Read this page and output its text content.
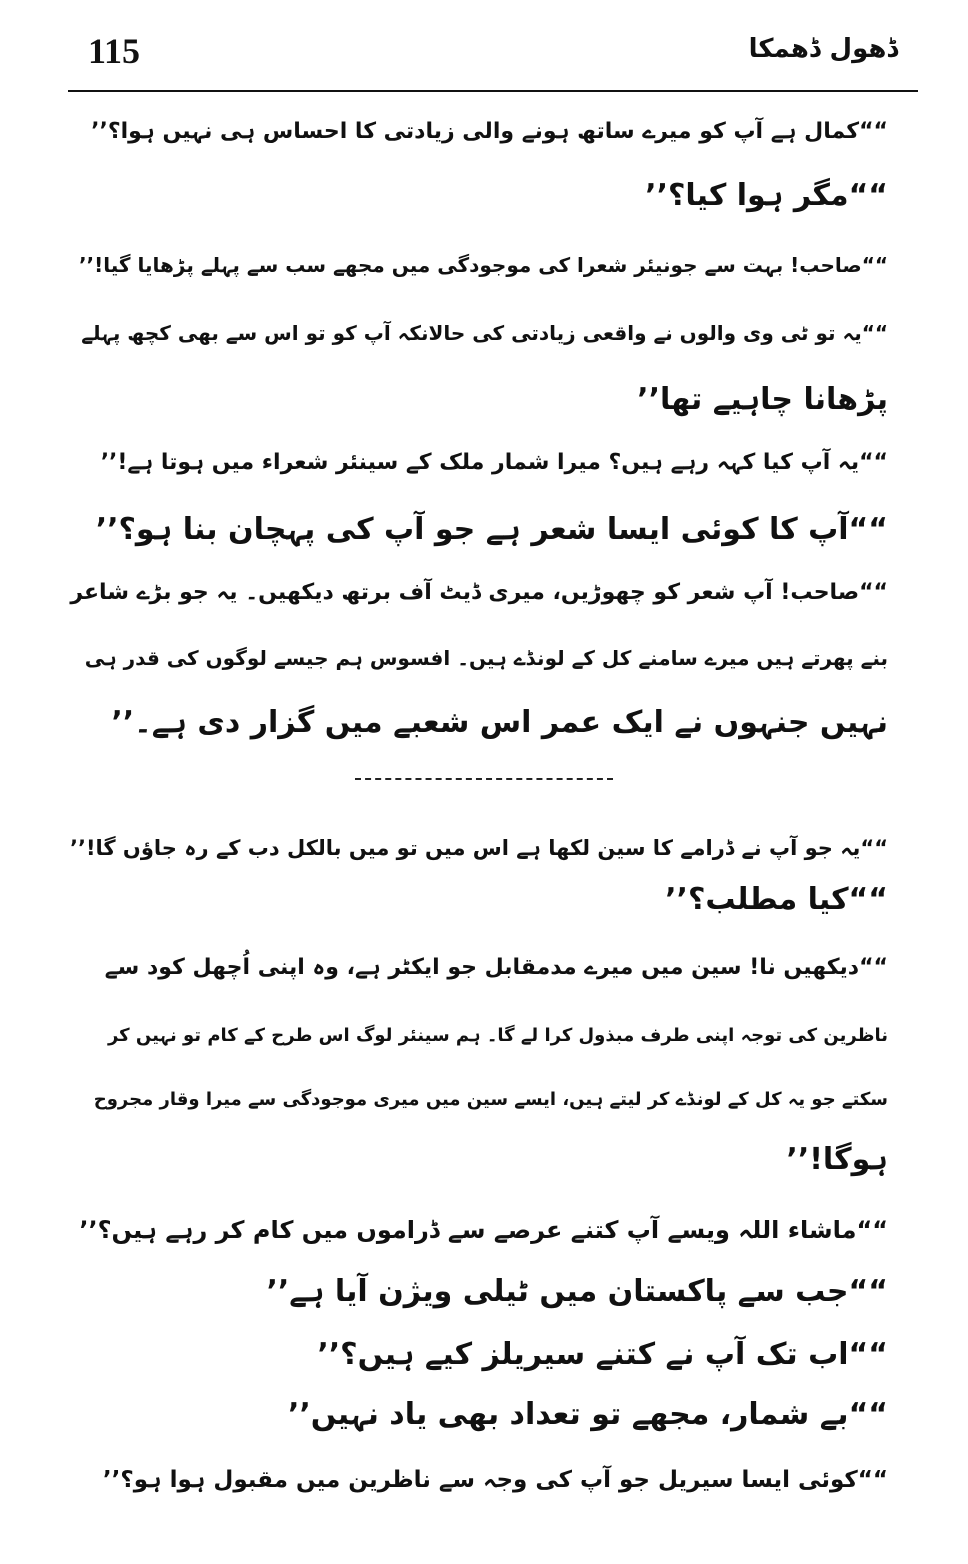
115	ڈھول ڈھمکا
““کمال ہے آپ کو میرے ساتھ ہونے والی زیادتی کا احساس ہی نہیں ہوا؟’’
““مگر ہوا کیا؟’’
““صاحب! بہت سے جونیئر شعرا کی موجودگی میں مجھے سب سے پہلے پڑھایا گیا!’’
““یہ تو ٹی وی والوں نے واقعی زیادتی کی حالانکہ آپ کو تو اس سے بھی کچھ پہلے
پڑھانا چاہیے تھا’’
““یہ آپ کیا کہہ رہے ہیں؟ میرا شمار ملک کے سینئر شعراء میں ہوتا ہے!’’
““آپ کا کوئی ایسا شعر ہے جو آپ کی پہچان بنا ہو؟’’
““صاحب! آپ شعر کو چھوڑیں، میری ڈیٹ آف برتھ دیکھیں۔ یہ جو بڑے شاعر
بنے پھرتے ہیں میرے سامنے کل کے لونڈے ہیں۔ افسوس ہم جیسے لوگوں کی قدر ہی
نہیں جنہوں نے ایک عمر اس شعبے میں گزار دی ہے۔’’
““یہ جو آپ نے ڈرامے کا سین لکھا ہے اس میں تو میں بالکل دب کے رہ جاؤں گا!’’
““کیا مطلب؟’’
““دیکھیں نا! سین میں میرے مدمقابل جو ایکٹر ہے، وہ اپنی اُچھل کود سے
ناظرین کی توجہ اپنی طرف مبذول کرا لے گا۔ ہم سینئر لوگ اس طرح کے کام تو نہیں کر
سکتے جو یہ کل کے لونڈے کر لیتے ہیں، ایسے سین میں میری موجودگی سے میرا وقار مجروح
ہوگا!’’
““ماشاء اللہ ویسے آپ کتنے عرصے سے ڈراموں میں کام کر رہے ہیں؟’’
““جب سے پاکستان میں ٹیلی ویژن آیا ہے’’
““اب تک آپ نے کتنے سیریلز کیے ہیں؟’’
““بے شمار، مجھے تو تعداد بھی یاد نہیں’’
““کوئی ایسا سیریل جو آپ کی وجہ سے ناظرین میں مقبول ہوا ہو؟’’
